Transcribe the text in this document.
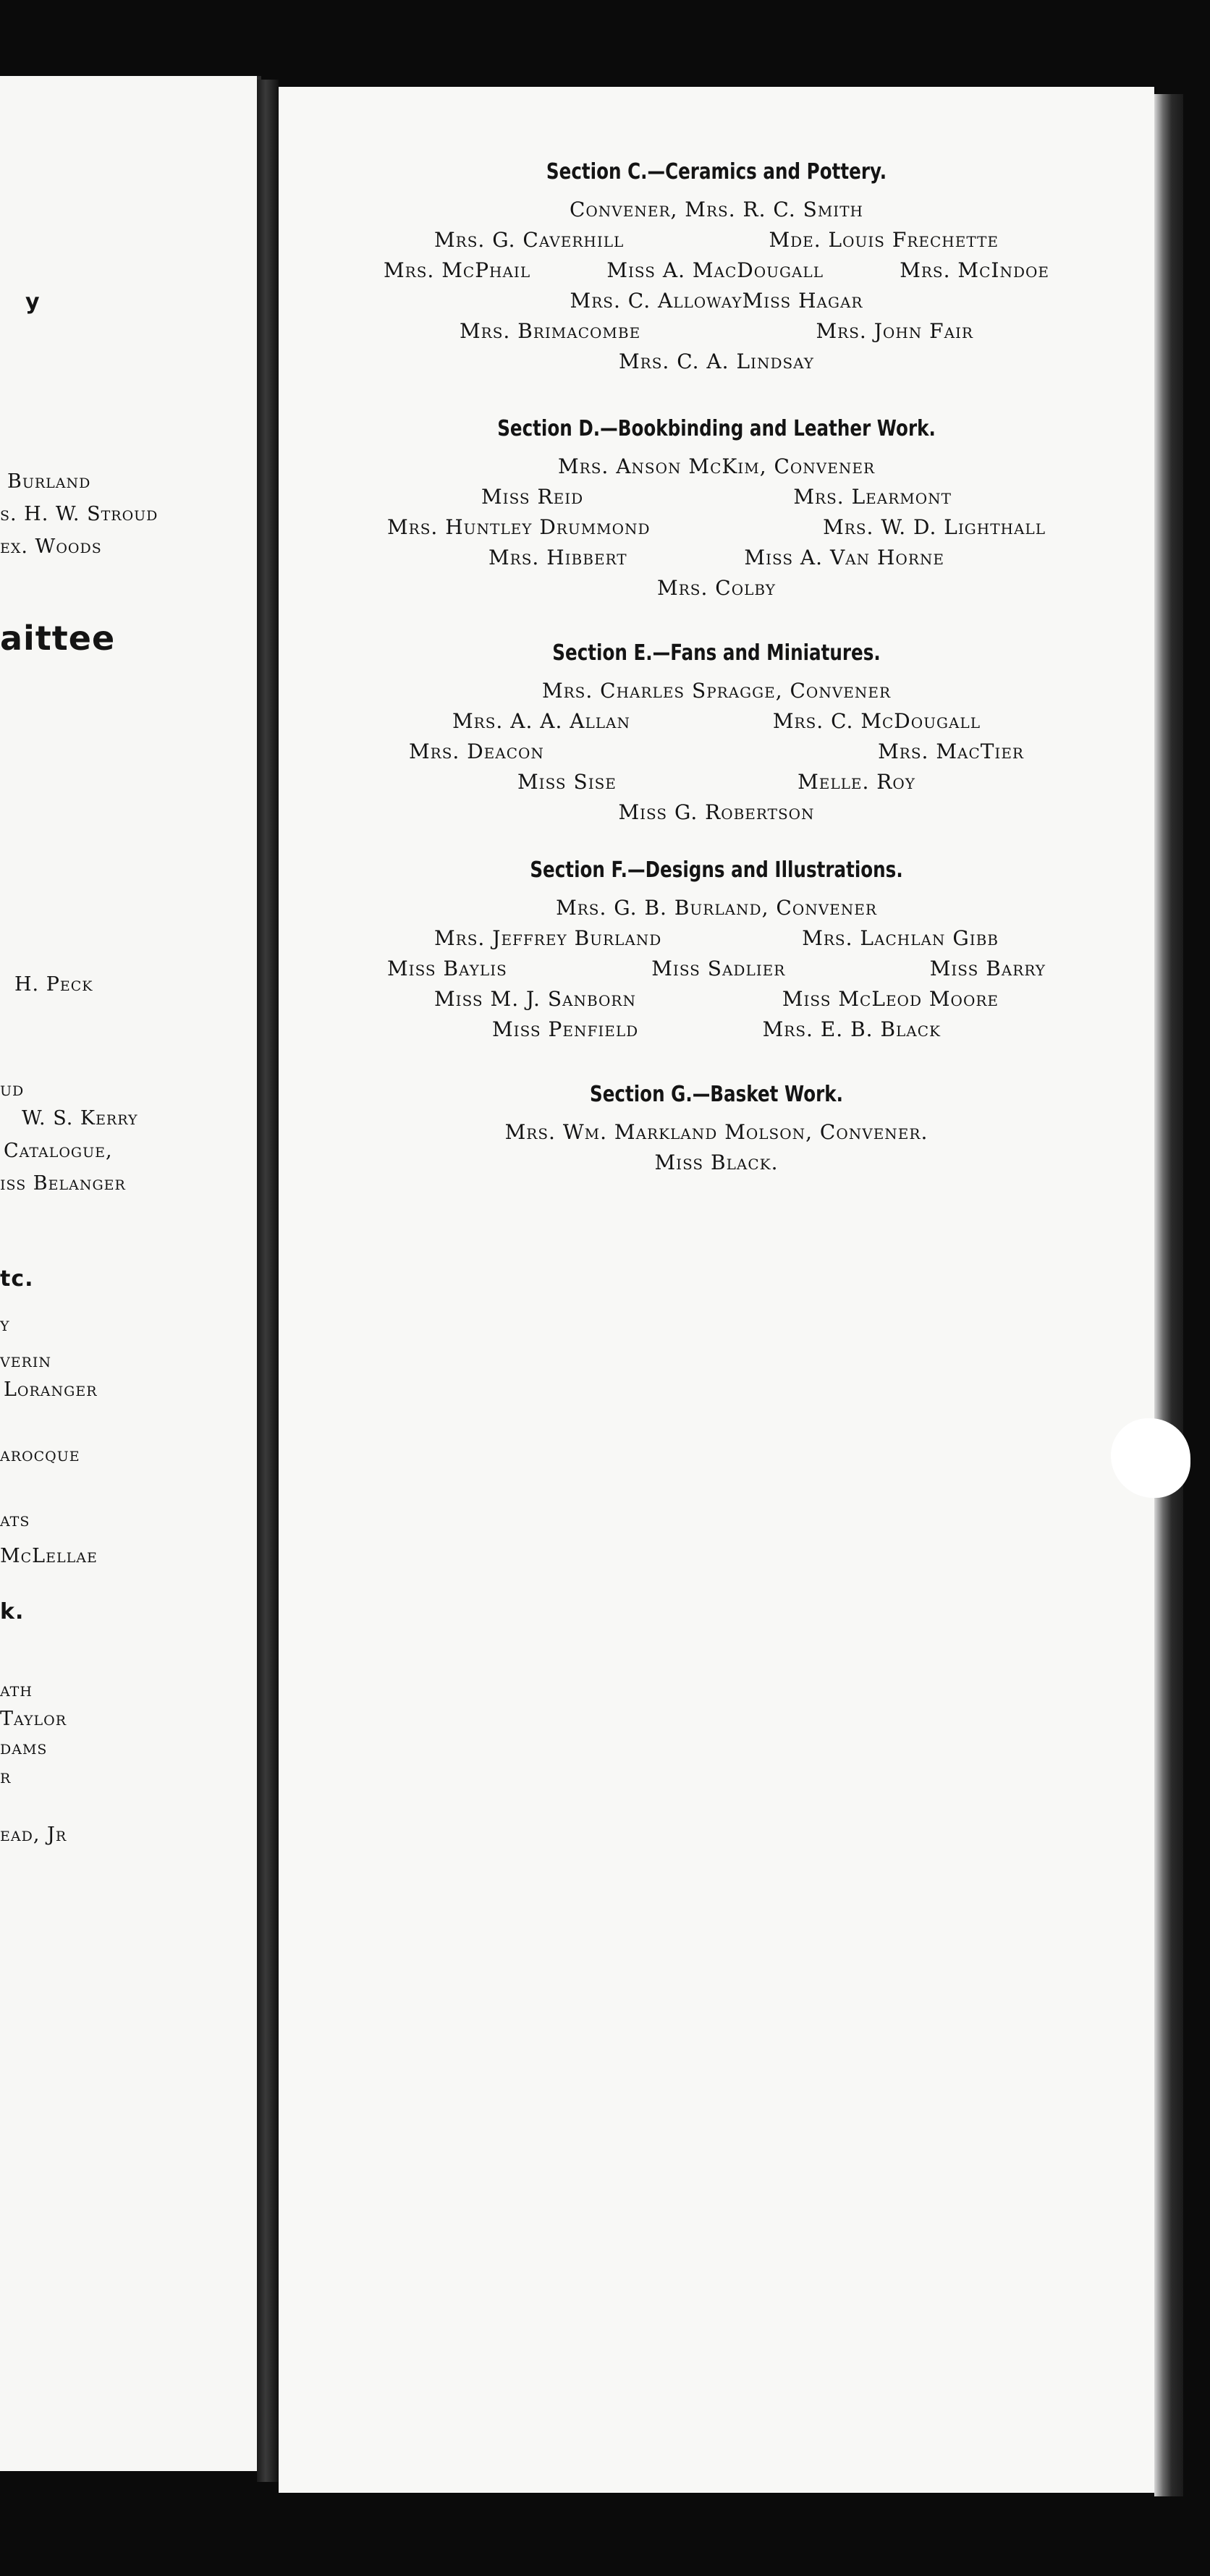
y
Burland
s. H. W. Stroud
ex. Woods
aittee
H. Peck
ud
W. S. Kerry
Catalogue,
iss Belanger
tc.
y
verin
Loranger
arocque
ats
McLellae
k.
ath
Taylor
dams
r
ead, Jr
Section C.—Ceramics and Pottery.
Convener, Mrs. R. C. Smith
Mrs. G. Caverhill	Mde. Louis Frechette
Mrs. McPhail	Miss A. MacDougall	Mrs. McIndoe
Mrs. C. AllowayMiss Hagar
Mrs. Brimacombe	Mrs. John Fair
Mrs. C. A. Lindsay
Section D.—Bookbinding and Leather Work.
Mrs. Anson McKim, Convener
Miss Reid	Mrs. Learmont
Mrs. Huntley Drummond	Mrs. W. D. Lighthall
Mrs. Hibbert	Miss A. Van Horne
Mrs. Colby
Section E.—Fans and Miniatures.
Mrs. Charles Spragge, Convener
Mrs. A. A. Allan	Mrs. C. McDougall
Mrs. Deacon	Mrs. MacTier
Miss Sise	Melle. Roy
Miss G. Robertson
Section F.—Designs and Illustrations.
Mrs. G. B. Burland, Convener
Mrs. Jeffrey Burland	Mrs. Lachlan Gibb
Miss Baylis	Miss Sadlier	Miss Barry
Miss M. J. Sanborn	Miss McLeod Moore
Miss Penfield	Mrs. E. B. Black
Section G.—Basket Work.
Mrs. Wm. Markland Molson, Convener.
Miss Black.
